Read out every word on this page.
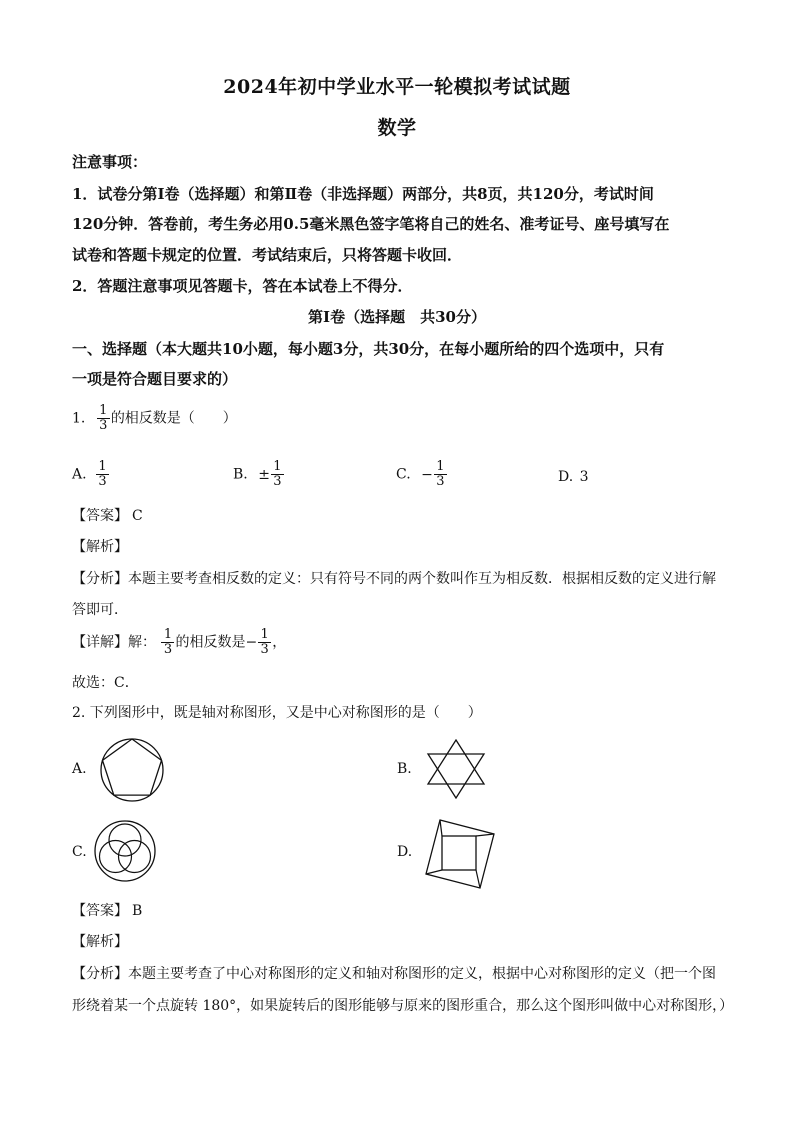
2024年初中学业水平一轮模拟考试试题
数学
注意事项：
1．试卷分第Ⅰ卷（选择题）和第Ⅱ卷（非选择题）两部分，共8页，共120分，考试时间
120分钟．答卷前，考生务必用0.5毫米黑色签字笔将自己的姓名、准考证号、座号填写在
试卷和答题卡规定的位置．考试结束后，只将答题卡收回．
2．答题注意事项见答题卡，答在本试卷上不得分．
第Ⅰ卷（选择题　共30分）
一、选择题（本大题共10小题，每小题3分，共30分，在每小题所给的四个选项中，只有
一项是符合题目要求的）
1. $\frac{1}{3}$ 的相反数是（　　）
A. $\frac{1}{3}$	B. ± $\frac{1}{3}$	C. − $\frac{1}{3}$	D. 3
【答案】 C
【解析】
【分析】本题主要考查相反数的定义：只有符号不同的两个数叫作互为相反数．根据相反数的定义进行解
答即可．
【详解】解： $\frac{1}{3}$ 的相反数是− $\frac{1}{3}$ ，
故选：C．
2. 下列图形中，既是轴对称图形，又是中心对称图形的是（　　）
A.	B.
C.	D.
【答案】 B
【解析】
【分析】本题主要考查了中心对称图形的定义和轴对称图形的定义，根据中心对称图形的定义（把一个图
形绕着某一个点旋转 180°，如果旋转后的图形能够与原来的图形重合，那么这个图形叫做中心对称图形，）
